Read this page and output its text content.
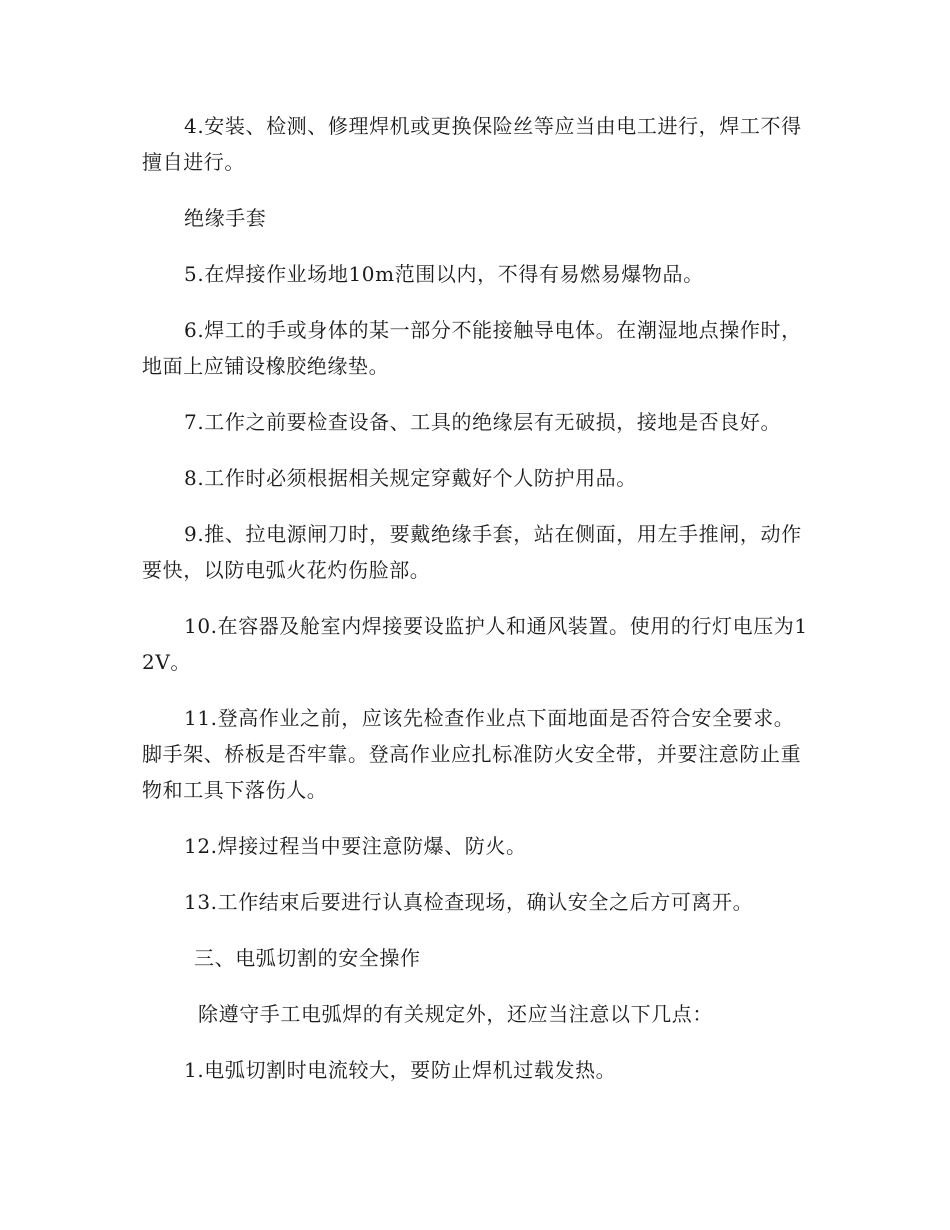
4.安装、检测、修理焊机或更换保险丝等应当由电工进行，焊工不得擅自进行。

绝缘手套

5.在焊接作业场地10m范围以内，不得有易燃易爆物品。

6.焊工的手或身体的某一部分不能接触导电体。在潮湿地点操作时，地面上应铺设橡胶绝缘垫。

7.工作之前要检查设备、工具的绝缘层有无破损，接地是否良好。

8.工作时必须根据相关规定穿戴好个人防护用品。

9.推、拉电源闸刀时，要戴绝缘手套，站在侧面，用左手推闸，动作要快，以防电弧火花灼伤脸部。

10.在容器及舱室内焊接要设监护人和通风装置。使用的行灯电压为12V。

11.登高作业之前，应该先检查作业点下面地面是否符合安全要求。脚手架、桥板是否牢靠。登高作业应扎标准防火安全带，并要注意防止重物和工具下落伤人。

12.焊接过程当中要注意防爆、防火。

13.工作结束后要进行认真检查现场，确认安全之后方可离开。

三、电弧切割的安全操作

除遵守手工电弧焊的有关规定外，还应当注意以下几点：

1.电弧切割时电流较大，要防止焊机过载发热。
